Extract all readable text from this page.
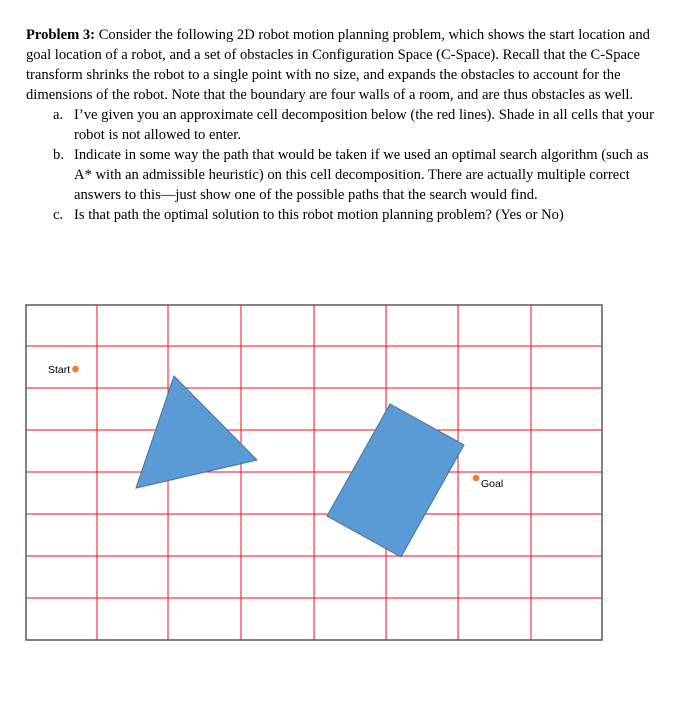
Problem 3: Consider the following 2D robot motion planning problem, which shows the start location and goal location of a robot, and a set of obstacles in Configuration Space (C-Space). Recall that the C-Space transform shrinks the robot to a single point with no size, and expands the obstacles to account for the dimensions of the robot. Note that the boundary are four walls of a room, and are thus obstacles as well.

a. I’ve given you an approximate cell decomposition below (the red lines). Shade in all cells that your robot is not allowed to enter.
b. Indicate in some way the path that would be taken if we used an optimal search algorithm (such as A* with an admissible heuristic) on this cell decomposition. There are actually multiple correct answers to this—just show one of the possible paths that the search would find.
c. Is that path the optimal solution to this robot motion planning problem? (Yes or No)
Start
Goal
